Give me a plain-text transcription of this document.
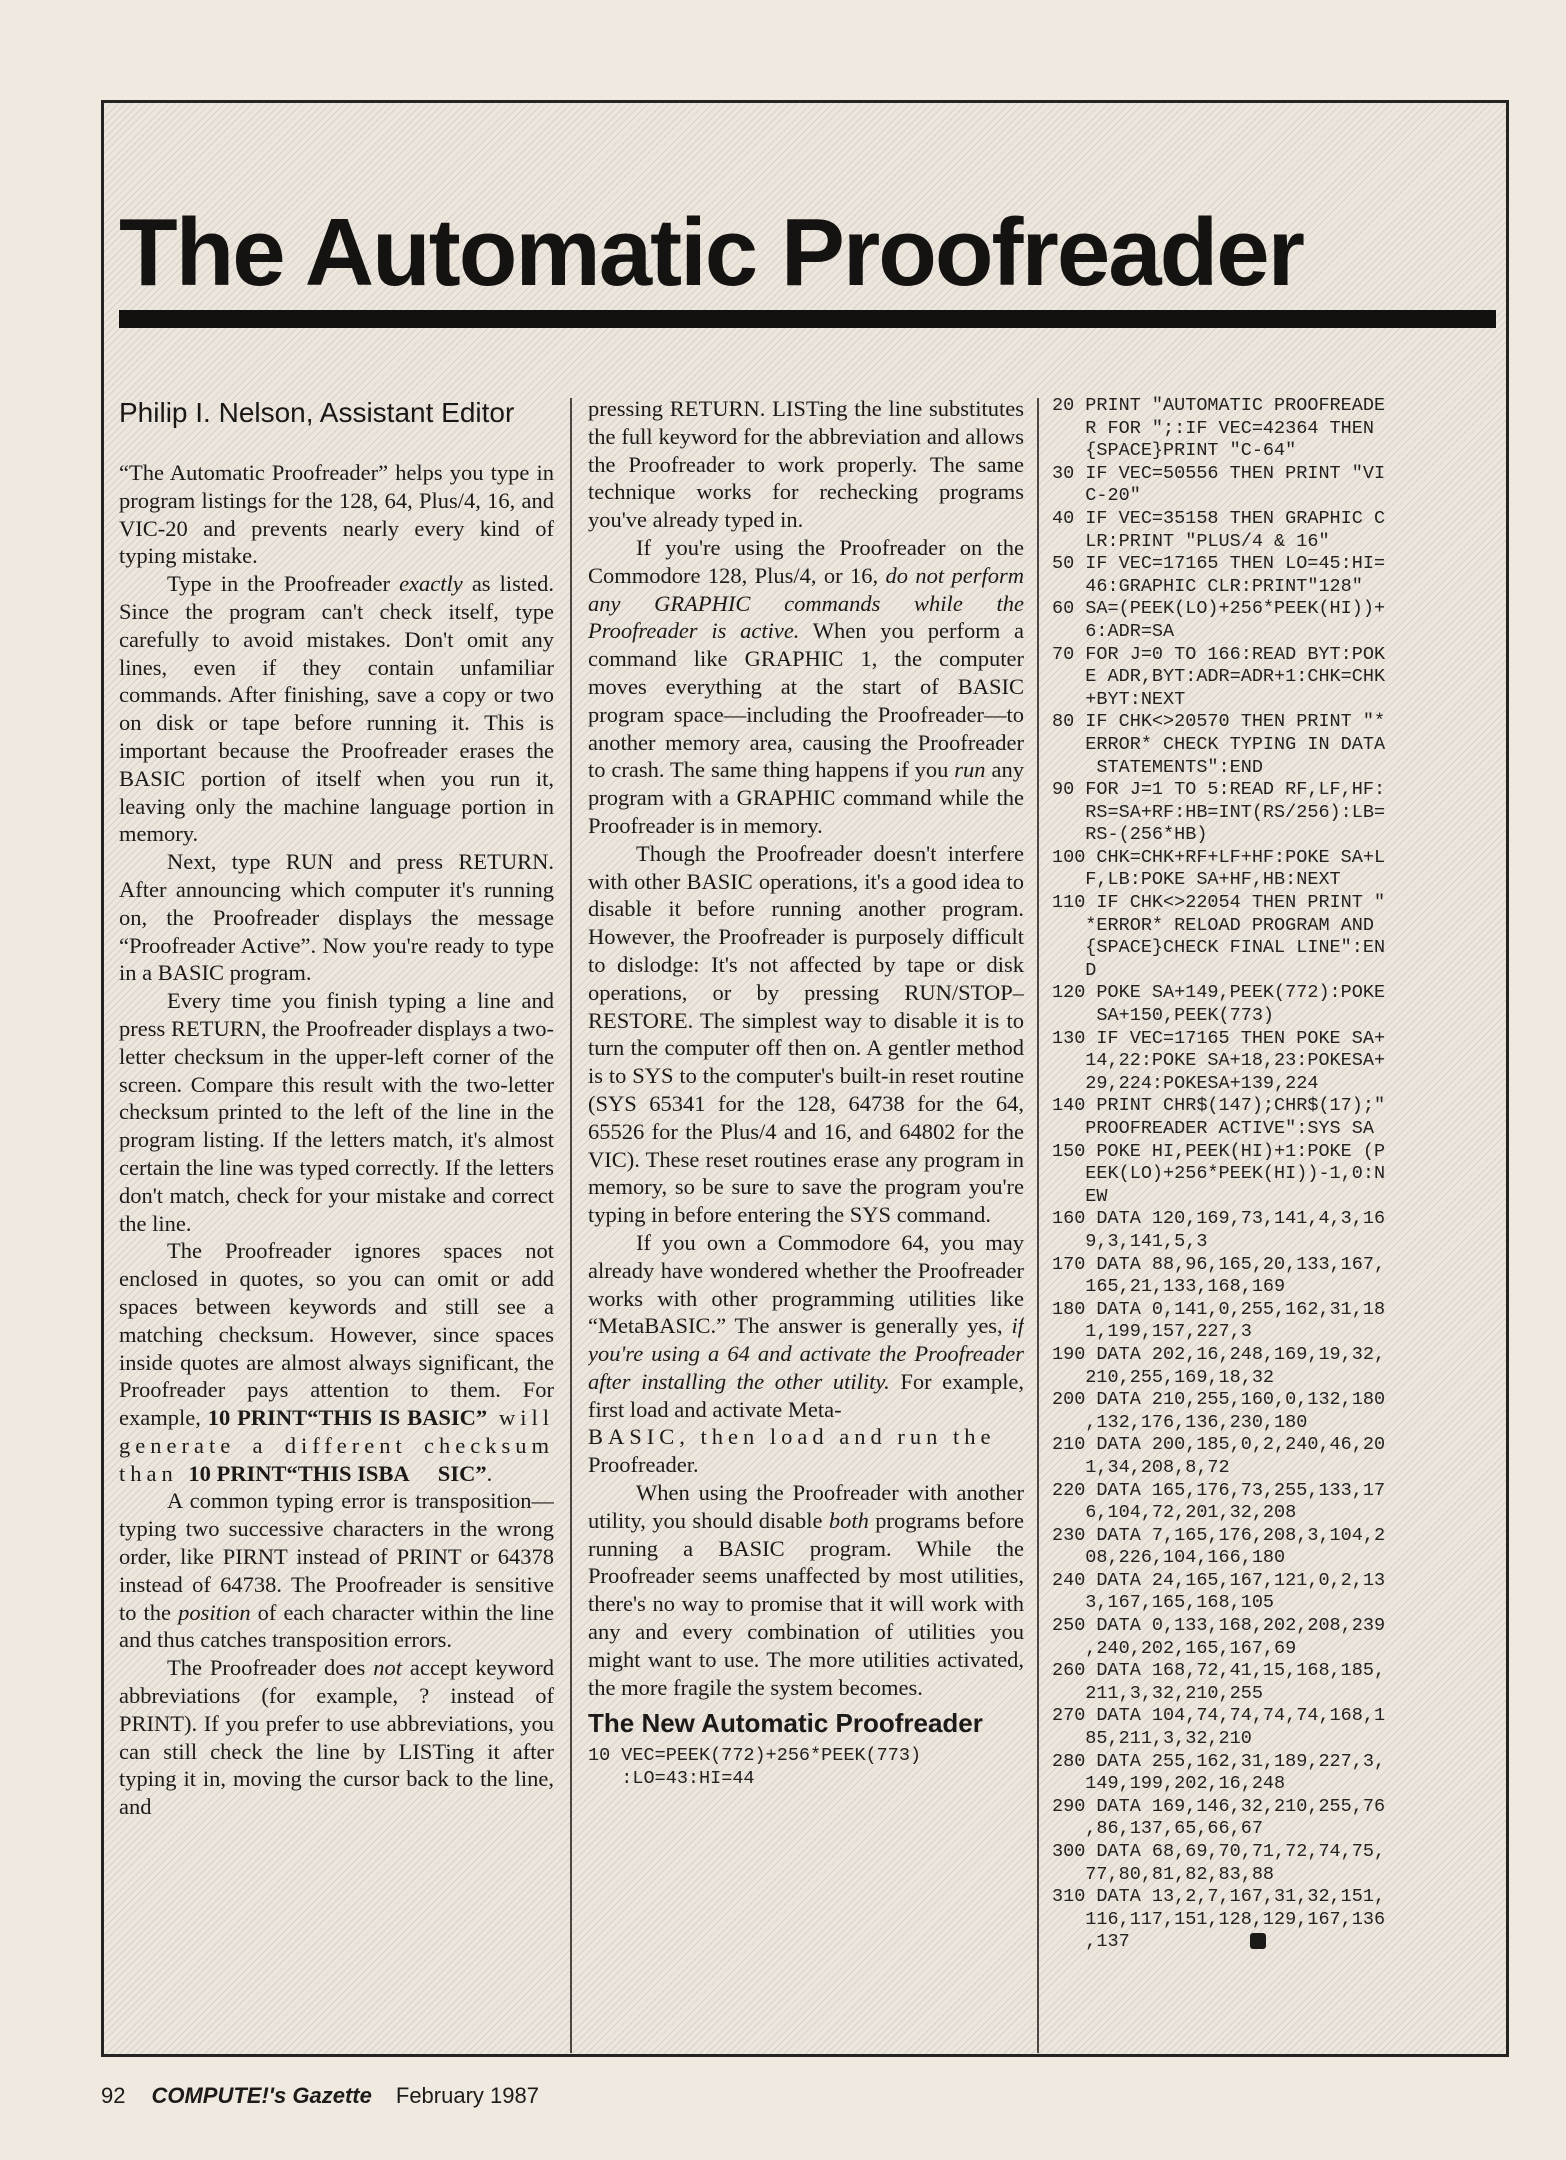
The Automatic Proofreader
Philip I. Nelson, Assistant Editor

“The Automatic Proofreader” helps you type in program listings for the 128, 64, Plus/4, 16, and VIC-20 and prevents nearly every kind of typing mistake.

Type in the Proofreader exactly as listed. Since the program can't check itself, type carefully to avoid mistakes. Don't omit any lines, even if they contain unfamiliar commands. After finishing, save a copy or two on disk or tape before running it. This is important because the Proofreader erases the BASIC portion of itself when you run it, leaving only the machine language portion in memory.

Next, type RUN and press RETURN. After announcing which computer it's running on, the Proofreader displays the message “Proofreader Active”. Now you're ready to type in a BASIC program.

Every time you finish typing a line and press RETURN, the Proofreader displays a two-letter checksum in the upper-left corner of the screen. Compare this result with the two-letter checksum printed to the left of the line in the program listing. If the letters match, it's almost certain the line was typed correctly. If the letters don't match, check for your mistake and correct the line.

The Proofreader ignores spaces not enclosed in quotes, so you can omit or add spaces between keywords and still see a matching checksum. However, since spaces inside quotes are almost always significant, the Proofreader pays attention to them. For example, 10 PRINT“THIS IS BASIC” will generate a different checksum than 10 PRINT“THIS ISBA     SIC”.

A common typing error is transposition—typing two successive characters in the wrong order, like PIRNT instead of PRINT or 64378 instead of 64738. The Proofreader is sensitive to the position of each character within the line and thus catches transposition errors.

The Proofreader does not accept keyword abbreviations (for example, ? instead of PRINT). If you prefer to use abbreviations, you can still check the line by LISTing it after typing it in, moving the cursor back to the line, and

pressing RETURN. LISTing the line substitutes the full keyword for the abbreviation and allows the Proofreader to work properly. The same technique works for rechecking programs you've already typed in.

If you're using the Proofreader on the Commodore 128, Plus/4, or 16, do not perform any GRAPHIC commands while the Proofreader is active. When you perform a command like GRAPHIC 1, the computer moves everything at the start of BASIC program space—including the Proofreader—to another memory area, causing the Proofreader to crash. The same thing happens if you run any program with a GRAPHIC command while the Proofreader is in memory.

Though the Proofreader doesn't interfere with other BASIC operations, it's a good idea to disable it before running another program. However, the Proofreader is purposely difficult to dislodge: It's not affected by tape or disk operations, or by pressing RUN/STOP– RESTORE. The simplest way to disable it is to turn the computer off then on. A gentler method is to SYS to the computer's built-in reset routine (SYS 65341 for the 128, 64738 for the 64, 65526 for the Plus/4 and 16, and 64802 for the VIC). These reset routines erase any program in memory, so be sure to save the program you're typing in before entering the SYS command.

If you own a Commodore 64, you may already have wondered whether the Proofreader works with other programming utilities like “MetaBASIC.” The answer is generally yes, if you're using a 64 and activate the Proofreader after installing the other utility. For example, first load and activate Meta-
BASIC, then load and run the
Proofreader.

When using the Proofreader with another utility, you should disable both programs before running a BASIC program. While the Proofreader seems unaffected by most utilities, there's no way to promise that it will work with any and every combination of utilities you might want to use. The more utilities activated, the more fragile the system becomes.

The New Automatic Proofreader
10 VEC=PEEK(772)+256*PEEK(773)
:LO=43:HI=44
20 PRINT "AUTOMATIC PROOFREADE
R FOR ";:IF VEC=42364 THEN
{SPACE}PRINT "C-64"
30 IF VEC=50556 THEN PRINT "VI
C-20"
40 IF VEC=35158 THEN GRAPHIC C
LR:PRINT "PLUS/4 & 16"
50 IF VEC=17165 THEN LO=45:HI=
46:GRAPHIC CLR:PRINT"128"
60 SA=(PEEK(LO)+256*PEEK(HI))+
6:ADR=SA
70 FOR J=0 TO 166:READ BYT:POK
E ADR,BYT:ADR=ADR+1:CHK=CHK
+BYT:NEXT
80 IF CHK<>20570 THEN PRINT "*
ERROR* CHECK TYPING IN DATA
STATEMENTS":END
90 FOR J=1 TO 5:READ RF,LF,HF:
RS=SA+RF:HB=INT(RS/256):LB=
RS-(256*HB)
100 CHK=CHK+RF+LF+HF:POKE SA+L
F,LB:POKE SA+HF,HB:NEXT
110 IF CHK<>22054 THEN PRINT "
*ERROR* RELOAD PROGRAM AND
{SPACE}CHECK FINAL LINE":EN
D
120 POKE SA+149,PEEK(772):POKE
SA+150,PEEK(773)
130 IF VEC=17165 THEN POKE SA+
14,22:POKE SA+18,23:POKESA+
29,224:POKESA+139,224
140 PRINT CHR$(147);CHR$(17);"
PROOFREADER ACTIVE":SYS SA
150 POKE HI,PEEK(HI)+1:POKE (P
EEK(LO)+256*PEEK(HI))-1,0:N
EW
160 DATA 120,169,73,141,4,3,16
9,3,141,5,3
170 DATA 88,96,165,20,133,167,
165,21,133,168,169
180 DATA 0,141,0,255,162,31,18
1,199,157,227,3
190 DATA 202,16,248,169,19,32,
210,255,169,18,32
200 DATA 210,255,160,0,132,180
,132,176,136,230,180
210 DATA 200,185,0,2,240,46,20
1,34,208,8,72
220 DATA 165,176,73,255,133,17
6,104,72,201,32,208
230 DATA 7,165,176,208,3,104,2
08,226,104,166,180
240 DATA 24,165,167,121,0,2,13
3,167,165,168,105
250 DATA 0,133,168,202,208,239
,240,202,165,167,69
260 DATA 168,72,41,15,168,185,
211,3,32,210,255
270 DATA 104,74,74,74,74,168,1
85,211,3,32,210
280 DATA 255,162,31,189,227,3,
149,199,202,16,248
290 DATA 169,146,32,210,255,76
,86,137,65,66,67
300 DATA 68,69,70,71,72,74,75,
77,80,81,82,83,88
310 DATA 13,2,7,167,31,32,151,
116,117,151,128,129,167,136
,137
92 COMPUTE!'s Gazette February 1987
